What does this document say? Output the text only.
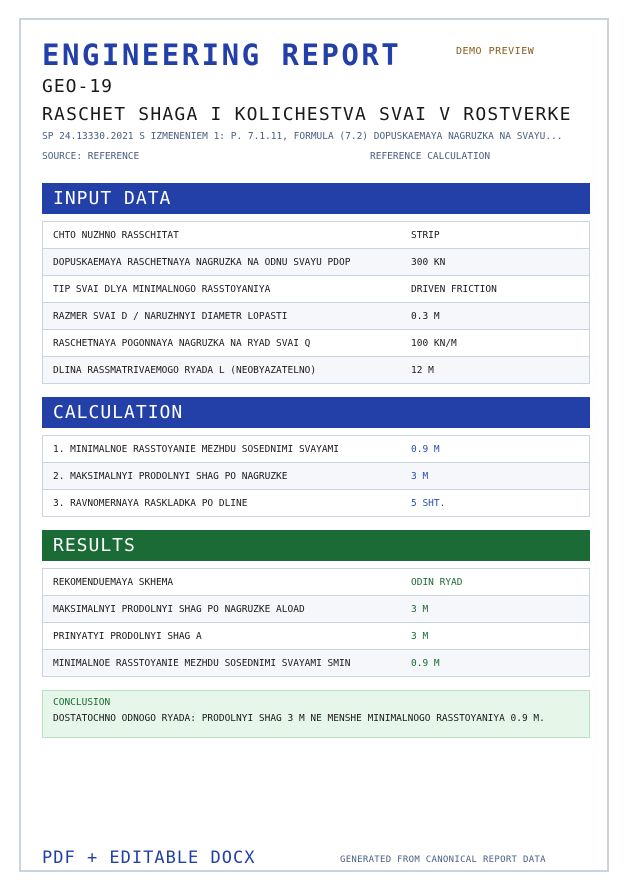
ENGINEERING REPORT	DEMO PREVIEW
GEO-19
RASCHET SHAGA I KOLICHESTVA SVAI V ROSTVERKE
SP 24.13330.2021 S IZMENENIEM 1: P. 7.1.11, FORMULA (7.2) DOPUSKAEMAYA NAGRUZKA NA SVAYU...
SOURCE: REFERENCE	REFERENCE CALCULATION
INPUT DATA
CHTO NUZHNO RASSCHITAT	STRIP
DOPUSKAEMAYA RASCHETNAYA NAGRUZKA NA ODNU SVAYU PDOP	300 KN
TIP SVAI DLYA MINIMALNOGO RASSTOYANIYA	DRIVEN FRICTION
RAZMER SVAI D / NARUZHNYI DIAMETR LOPASTI	0.3 M
RASCHETNAYA POGONNAYA NAGRUZKA NA RYAD SVAI Q	100 KN/M
DLINA RASSMATRIVAEMOGO RYADA L (NEOBYAZATELNO)	12 M
CALCULATION
1. MINIMALNOE RASSTOYANIE MEZHDU SOSEDNIMI SVAYAMI	0.9 M
2. MAKSIMALNYI PRODOLNYI SHAG PO NAGRUZKE	3 M
3. RAVNOMERNAYA RASKLADKA PO DLINE	5 SHT.
RESULTS
REKOMENDUEMAYA SKHEMA	ODIN RYAD
MAKSIMALNYI PRODOLNYI SHAG PO NAGRUZKE ALOAD	3 M
PRINYATYI PRODOLNYI SHAG A	3 M
MINIMALNOE RASSTOYANIE MEZHDU SOSEDNIMI SVAYAMI SMIN	0.9 M
CONCLUSION
DOSTATOCHNO ODNOGO RYADA: PRODOLNYI SHAG 3 M NE MENSHE MINIMALNOGO RASSTOYANIYA 0.9 M.
PDF + EDITABLE DOCX	GENERATED FROM CANONICAL REPORT DATA
